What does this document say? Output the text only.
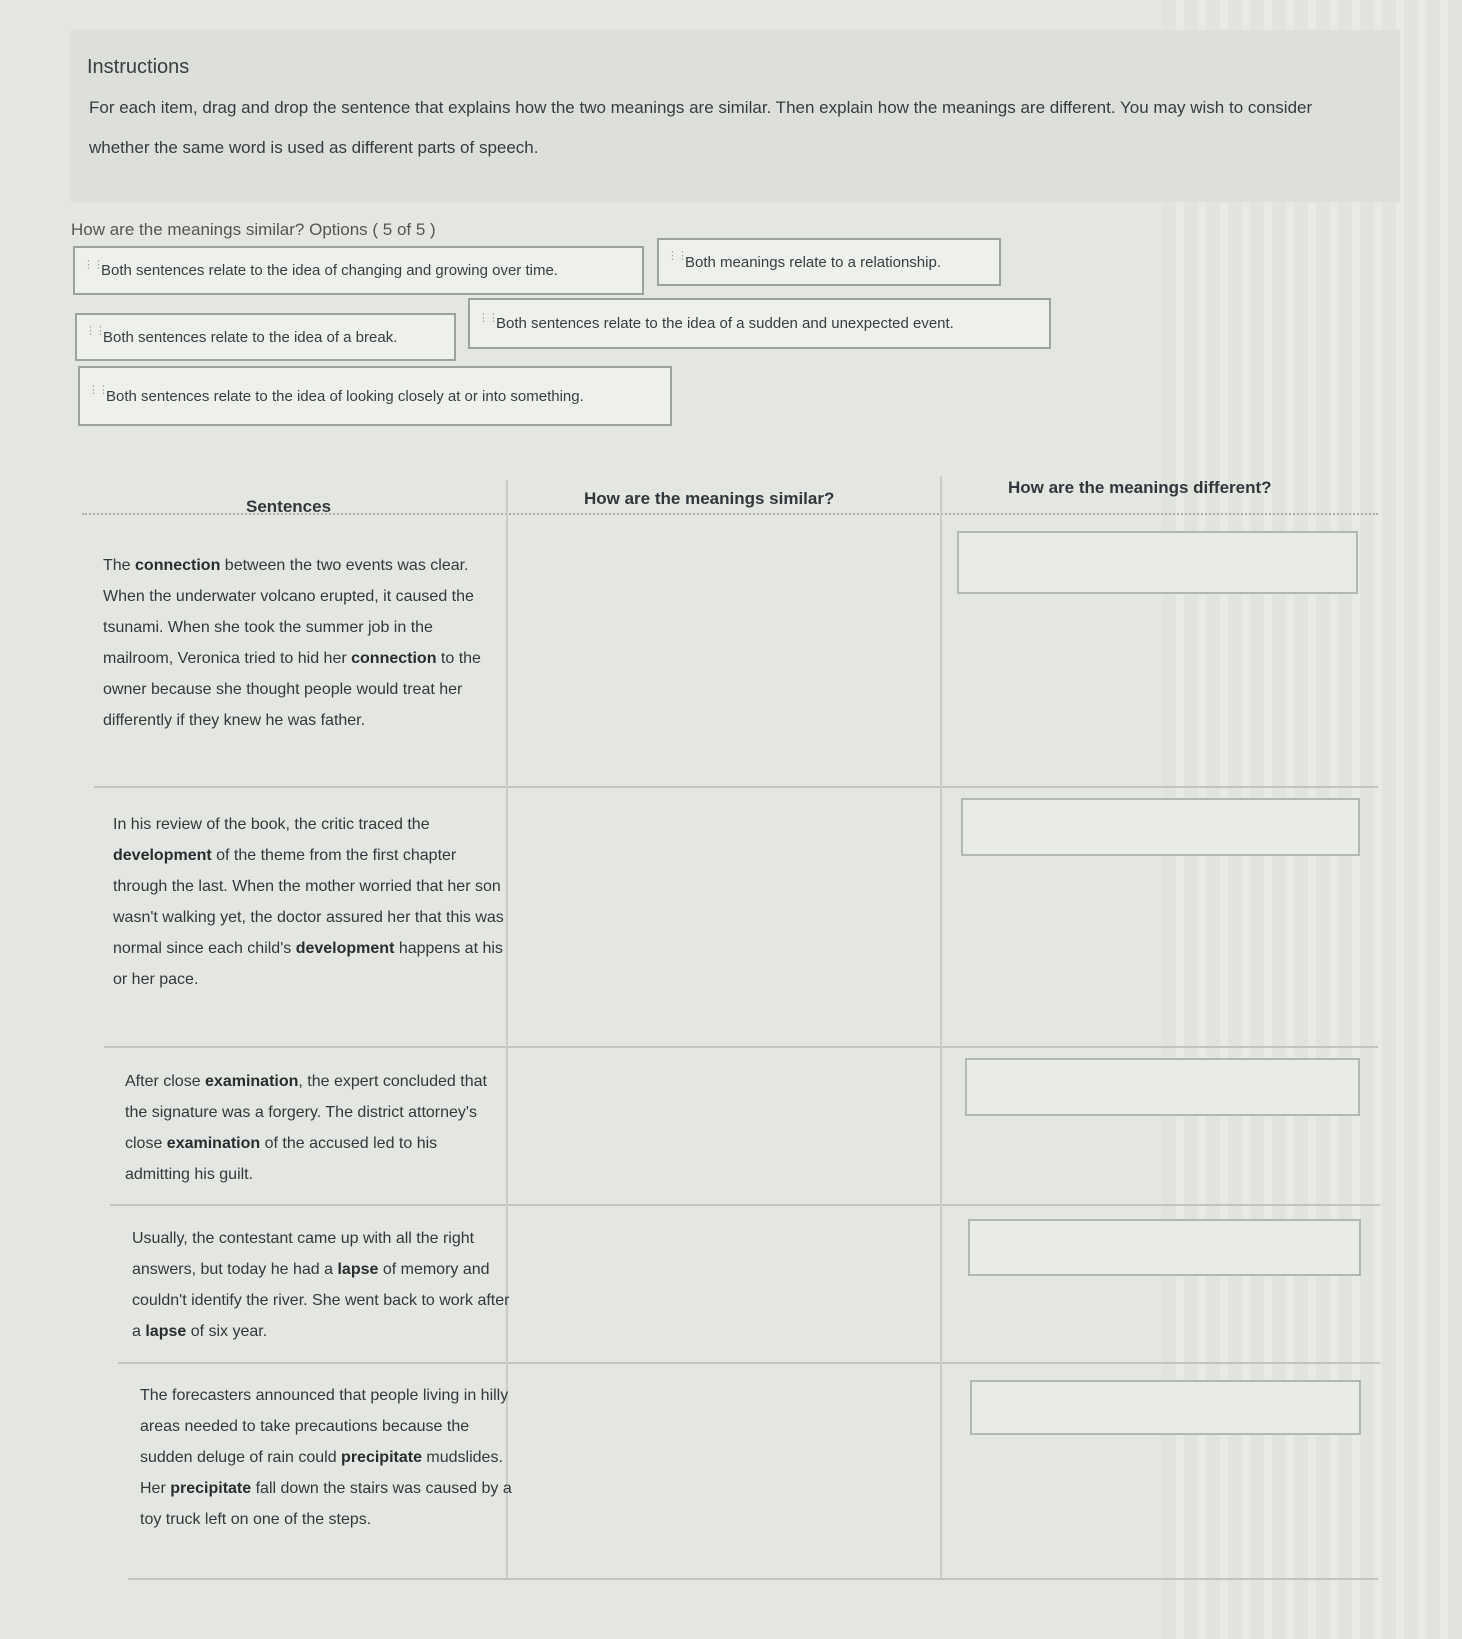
Instructions
For each item, drag and drop the sentence that explains how the two meanings are similar. Then explain how the meanings are different. You may wish to consider whether the same word is used as different parts of speech.
How are the meanings similar? Options ( 5 of 5 )
⋮⋮
Both sentences relate to the idea of changing and growing over time.
⋮⋮
Both meanings relate to a relationship.
⋮⋮
Both sentences relate to the idea of a break.
⋮⋮
Both sentences relate to the idea of a sudden and unexpected event.
⋮⋮
Both sentences relate to the idea of looking closely at or into something.
Sentences	How are the meanings similar?
How are the meanings different?
The connection between the two events was clear. When the underwater volcano erupted, it caused the tsunami. When she took the summer job in the mailroom, Veronica tried to hid her connection to the owner because she thought people would treat her differently if they knew he was father.
In his review of the book, the critic traced the development of the theme from the first chapter through the last. When the mother worried that her son wasn't walking yet, the doctor assured her that this was normal since each child's development happens at his or her pace.
After close examination, the expert concluded that the signature was a forgery. The district attorney's close examination of the accused led to his admitting his guilt.
Usually, the contestant came up with all the right answers, but today he had a lapse of memory and couldn't identify the river. She went back to work after a lapse of six year.
The forecasters announced that people living in hilly areas needed to take precautions because the sudden deluge of rain could precipitate mudslides. Her precipitate fall down the stairs was caused by a toy truck left on one of the steps.
